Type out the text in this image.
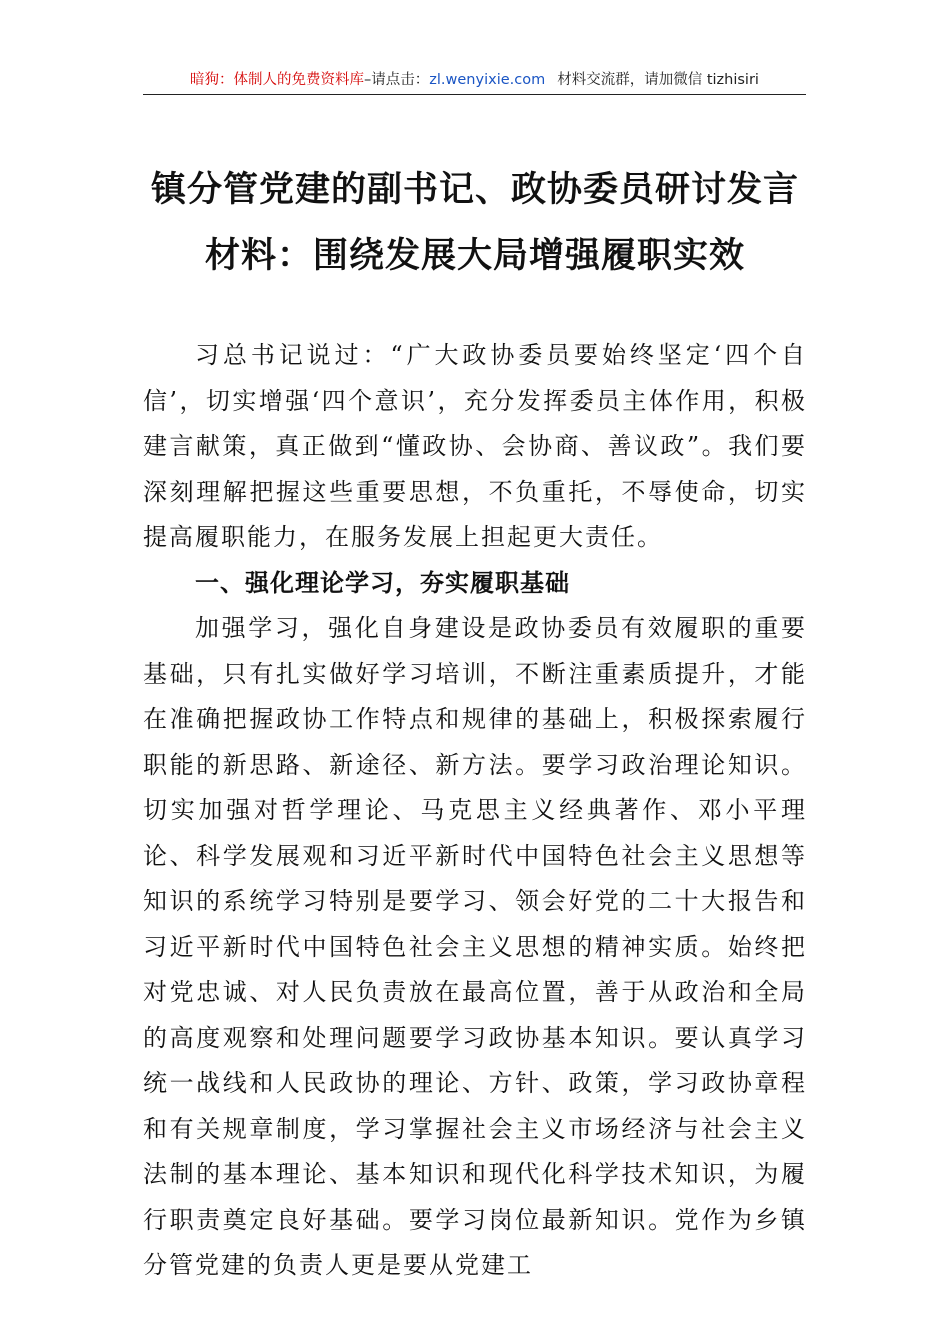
暗狗：体制人的免费资料库–请点击：zl.wenyixie.com 材料交流群，请加微信 tizhisiri
镇分管党建的副书记、政协委员研讨发言
材料：围绕发展大局增强履职实效

习总书记说过：“广大政协委员要始终坚定‘四个自信’，切实增强‘四个意识’，充分发挥委员主体作用，积极建言献策，真正做到“懂政协、会协商、善议政”。我们要深刻理解把握这些重要思想，不负重托，不辱使命，切实提高履职能力，在服务发展上担起更大责任。

一、强化理论学习，夯实履职基础

加强学习，强化自身建设是政协委员有效履职的重要基础，只有扎实做好学习培训，不断注重素质提升，才能在准确把握政协工作特点和规律的基础上，积极探索履行职能的新思路、新途径、新方法。要学习政治理论知识。切实加强对哲学理论、马克思主义经典著作、邓小平理论、科学发展观和习近平新时代中国特色社会主义思想等知识的系统学习特别是要学习、领会好党的二十大报告和习近平新时代中国特色社会主义思想的精神实质。始终把对党忠诚、对人民负责放在最高位置，善于从政治和全局的高度观察和处理问题要学习政协基本知识。要认真学习统一战线和人民政协的理论、方针、政策，学习政协章程和有关规章制度，学习掌握社会主义市场经济与社会主义法制的基本理论、基本知识和现代化科学技术知识，为履行职责奠定良好基础。要学习岗位最新知识。党作为乡镇分管党建的负责人更是要从党建工
